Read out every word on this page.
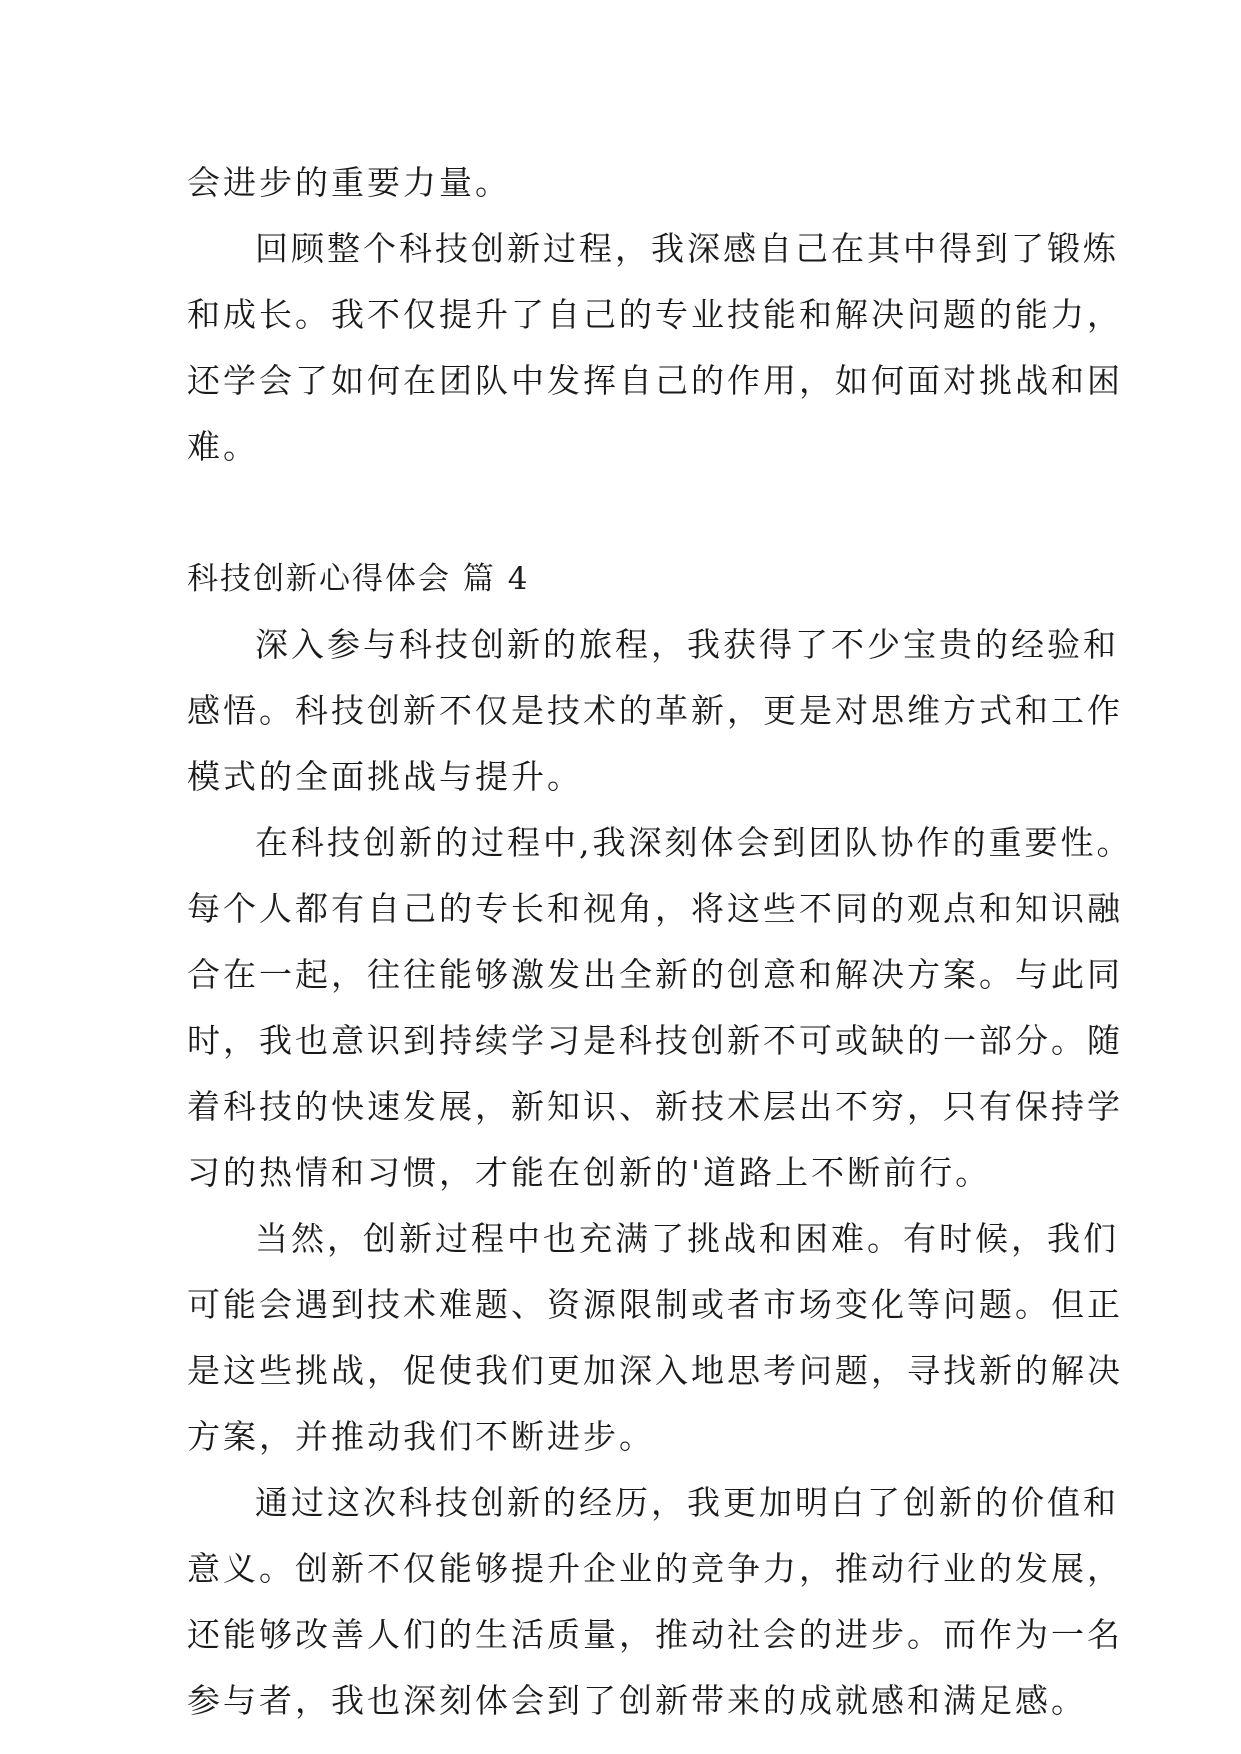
会进步的重要力量。
回顾整个科技创新过程，我深感自己在其中得到了锻炼
和成长。我不仅提升了自己的专业技能和解决问题的能力，
还学会了如何在团队中发挥自己的作用，如何面对挑战和困
难。
科技创新心得体会 篇 4
深入参与科技创新的旅程，我获得了不少宝贵的经验和
感悟。科技创新不仅是技术的革新，更是对思维方式和工作
模式的全面挑战与提升。
在科技创新的过程中,我深刻体会到团队协作的重要性。
每个人都有自己的专长和视角，将这些不同的观点和知识融
合在一起，往往能够激发出全新的创意和解决方案。与此同
时，我也意识到持续学习是科技创新不可或缺的一部分。随
着科技的快速发展，新知识、新技术层出不穷，只有保持学
习的热情和习惯，才能在创新的'道路上不断前行。
当然，创新过程中也充满了挑战和困难。有时候，我们
可能会遇到技术难题、资源限制或者市场变化等问题。但正
是这些挑战，促使我们更加深入地思考问题，寻找新的解决
方案，并推动我们不断进步。
通过这次科技创新的经历，我更加明白了创新的价值和
意义。创新不仅能够提升企业的竞争力，推动行业的发展，
还能够改善人们的生活质量，推动社会的进步。而作为一名
参与者，我也深刻体会到了创新带来的成就感和满足感。
